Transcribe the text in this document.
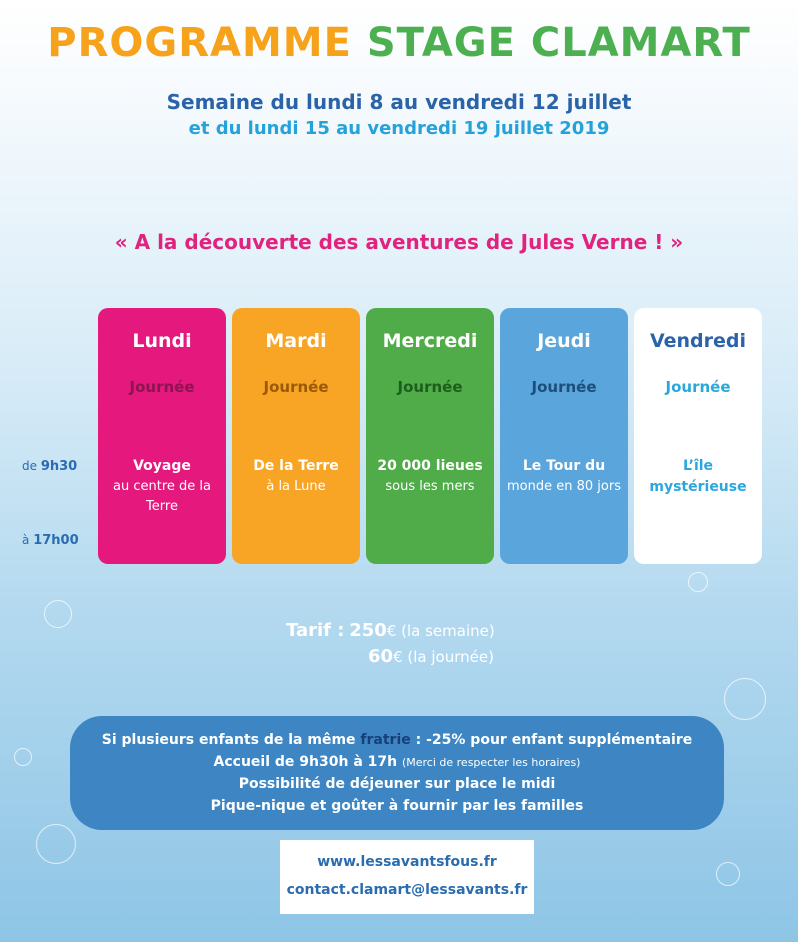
PROGRAMME STAGE CLAMART
Semaine du lundi 8 au vendredi 12 juillet
et du lundi 15 au vendredi 19 juillet 2019
« A la découverte des aventures de Jules Verne ! »
de 9h30
à 17h00
Lundi
Journée
Voyage
au centre de la Terre
Mardi
Journée
De la Terre
à la Lune
Mercredi
Journée
20 000 lieues
sous les mers
Jeudi
Journée
Le Tour du
monde en 80 jors
Vendredi
Journée
L’île mystérieuse

Tarif : 250€ (la semaine)
60€ (la journée)
Si plusieurs enfants de la même fratrie : -25% pour enfant supplémentaire
Accueil de 9h30h à 17h (Merci de respecter les horaires)
Possibilité de déjeuner sur place le midi
Pique-nique et goûter à fournir par les familles
www.lessavantsfous.fr
contact.clamart@lessavants.fr
